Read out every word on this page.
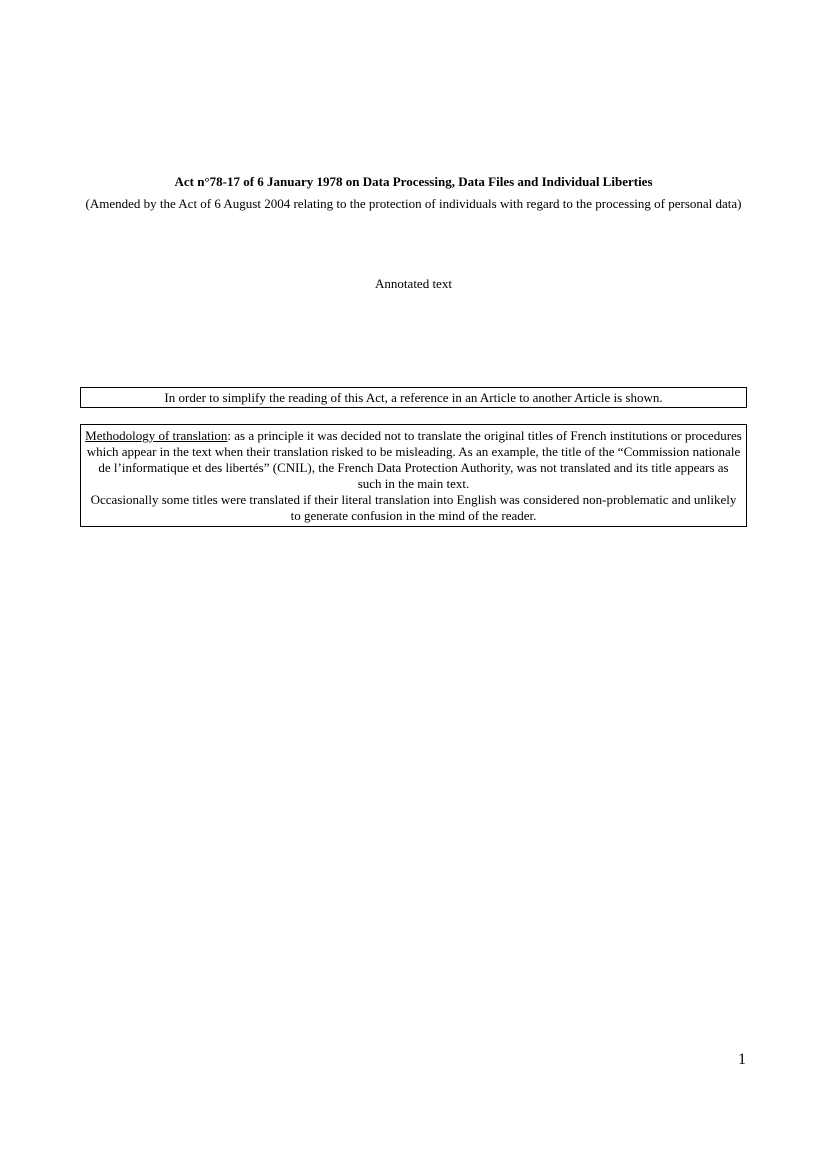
Act n°78-17 of 6 January 1978 on Data Processing, Data Files and Individual Liberties

(Amended by the Act of 6 August 2004 relating to the protection of individuals with regard to the processing of personal data)

Annotated text

In order to simplify the reading of this Act, a reference in an Article to another Article is shown.

Methodology of translation: as a principle it was decided not to translate the original titles of French institutions or procedures which appear in the text when their translation risked to be misleading. As an example, the title of the “Commission nationale de l’informatique et des libertés” (CNIL), the French Data Protection Authority, was not translated and its title appears as such in the main text.

Occasionally some titles were translated if their literal translation into English was considered non-problematic and unlikely to generate confusion in the mind of the reader.

1
